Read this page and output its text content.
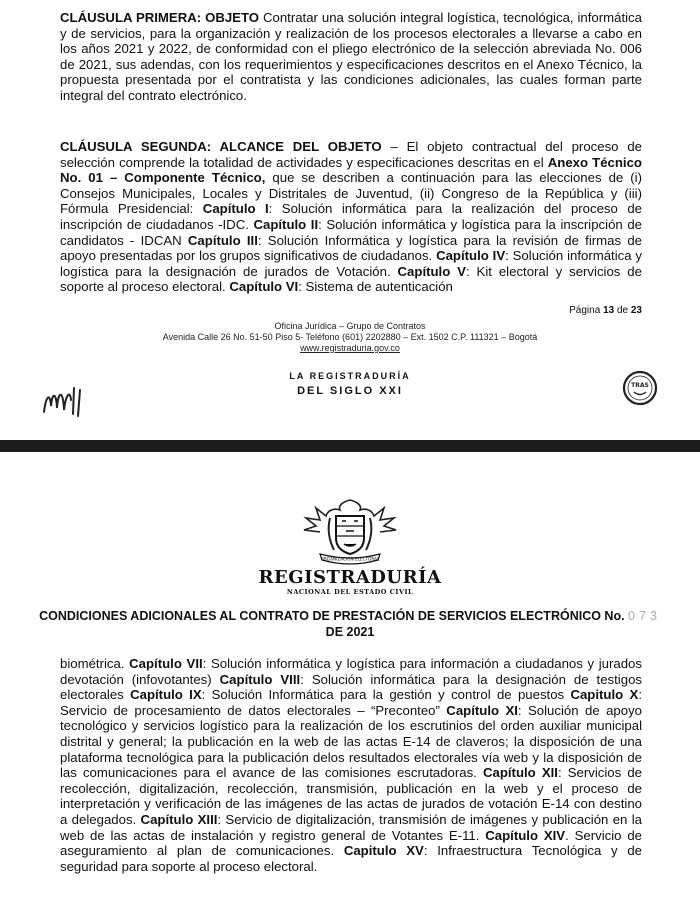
CLÁUSULA PRIMERA: OBJETO Contratar una solución integral logística, tecnológica, informática y de servicios, para la organización y realización de los procesos electorales a llevarse a cabo en los años 2021 y 2022, de conformidad con el pliego electrónico de la selección abreviada No. 006 de 2021, sus adendas, con los requerimientos y especificaciones descritos en el Anexo Técnico, la propuesta presentada por el contratista y las condiciones adicionales, las cuales forman parte integral del contrato electrónico.

CLÁUSULA SEGUNDA: ALCANCE DEL OBJETO – El objeto contractual del proceso de selección comprende la totalidad de actividades y especificaciones descritas en el Anexo Técnico No. 01 – Componente Técnico, que se describen a continuación para las elecciones de (i) Consejos Municipales, Locales y Distritales de Juventud, (ii) Congreso de la República y (iii) Fórmula Presidencial: Capítulo I: Solución informática para la realización del proceso de inscripción de ciudadanos -IDC. Capítulo II: Solución informática y logística para la inscripción de candidatos - IDCAN Capítulo III: Solución Informática y logística para la revisión de firmas de apoyo presentadas por los grupos significativos de ciudadanos. Capítulo IV: Solución informática y logística para la designación de jurados de Votación. Capítulo V: Kit electoral y servicios de soporte al proceso electoral. Capítulo VI: Sistema de autenticación

Página 13 de 23
Oficina Jurídica – Grupo de Contratos
Avenida Calle 26 No. 51-50 Piso 5- Teléfono (601) 2202880 – Ext. 1502 C.P. 111321 – Bogotá
www.registraduria.gov.co
LA REGISTRADURÍA
DEL SIGLO XXI	TRAS
ORGANIZACIÓN ELECTORAL
REGISTRADURÍA
NACIONAL DEL ESTADO CIVIL
CONDICIONES ADICIONALES AL CONTRATO DE PRESTACIÓN DE SERVICIOS ELECTRÓNICO No. 073
DE 2021

biométrica. Capítulo VII: Solución informática y logística para información a ciudadanos y jurados devotación (infovotantes) Capítulo VIII: Solución informática para la designación de testigos electorales Capítulo IX: Solución Informática para la gestión y control de puestos Capitulo X: Servicio de procesamiento de datos electorales – “Preconteo” Capítulo XI: Solución de apoyo tecnológico y servicios logístico para la realización de los escrutinios del orden auxiliar municipal distrital y general; la publicación en la web de las actas E-14 de claveros; la disposición de una plataforma tecnológica para la publicación delos resultados electorales vía web y la disposición de las comunicaciones para el avance de las comisiones escrutadoras. Capítulo XII: Servicios de recolección, digitalización, recolección, transmisión, publicación en la web y el proceso de interpretación y verificación de las imágenes de las actas de jurados de votación E-14 con destino a delegados. Capítulo XIII: Servicio de digitalización, transmisión de imágenes y publicación en la web de las actas de instalación y registro general de Votantes E-11. Capítulo XIV. Servicio de aseguramiento al plan de comunicaciones. Capitulo XV: Infraestructura Tecnológica y de seguridad para soporte al proceso electoral.
